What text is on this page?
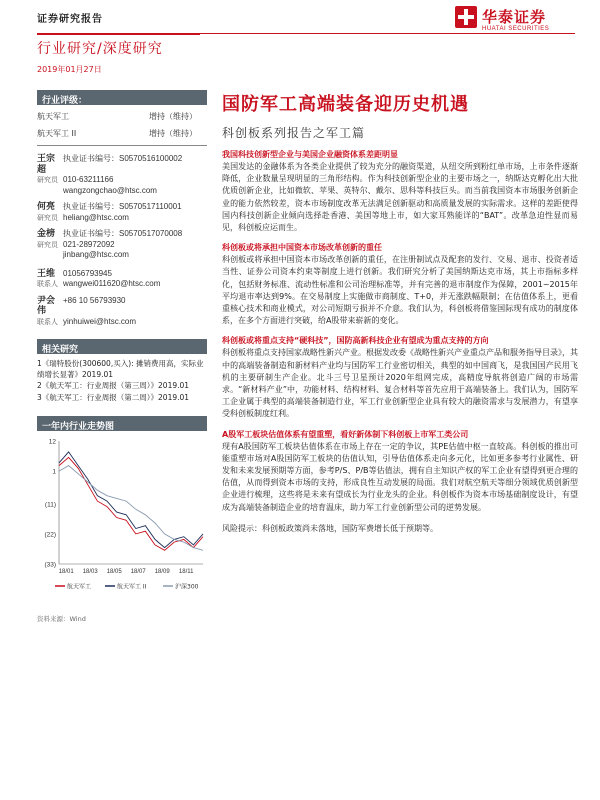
证券研究报告	华泰证券
HUATAI SECURITIES
行业研究/深度研究
2019年01月27日
行业评级：
航天军工	增持（维持）
航天军工 II	增持（维持）
王宗超
执业证书编号：S0570516100002
研究员 010-63211166
wangzongchao@htsc.com
何亮 执业证书编号：S0570517110001
研究员 heliang@htsc.com
金榜 执业证书编号：S0570517070008
研究员 021-28972092
jinbang@htsc.com
王维 01056793945
联系人 wangwei011620@htsc.com
尹会伟
+86 10 56793930
联系人 yinhuiwei@htsc.com
相关研究
1《瑞特股份(300600,买入): 摊销费用高，实际业绩增长显著》2019.01
2《航天军工：行业周报（第三周）》2019.01
3《航天军工：行业周报（第二周）》2019.01
一年内行业走势图
12
1
(11)
(22)
(33)
18/01 18/03 18/05 18/07 18/09 18/11
航天军工	航天军工 II	沪深300
资料来源：Wind
国防军工高端装备迎历史机遇
科创板系列报告之军工篇
我国科技创新型企业与美国企业融资体系差距明显
美国发达的金融体系为各类企业提供了较为充分的融资渠道，从纽交所到粉红单市场，上市条件逐渐降低，企业数量呈现明显的三角形结构。作为科技创新型企业的主要市场之一，纳斯达克孵化出大批优质创新企业，比如微软、苹果、英特尔、戴尔、思科等科技巨头。而当前我国资本市场服务创新企业的能力依然较差，资本市场制度改革无法满足创新驱动和高质量发展的实际需求。这样的差距使得国内科技创新企业倾向选择赴香港、美国等地上市，如大家耳熟能详的“BAT”。改革急迫性显而易见，科创板应运而生。
科创板或将承担中国资本市场改革创新的重任
科创板或将承担中国资本市场改革创新的重任，在注册制试点及配套的发行、交易、退市、投资者适当性、证券公司资本约束等制度上进行创新。我们研究分析了美国纳斯达克市场，其上市指标多样化，包括财务标准、流动性标准和公司治理标准等，并有完善的退市制度作为保障，2001~2015年平均退市率达到9%。在交易制度上实施做市商制度、T+0，并无涨跌幅限制；在估值体系上，更看重核心技术和商业模式，对公司短期亏损并不介意。我们认为，科创板将借鉴国际现有成功的制度体系，在多个方面进行突破，给A股带来崭新的变化。
科创板或将重点支持“硬科技”，国防高新科技企业有望成为重点支持的方向
科创板将重点支持国家战略性新兴产业。根据发改委《战略性新兴产业重点产品和服务指导目录》，其中的高端装备制造和新材料产业均与国防军工行业密切相关，典型的如中国商飞，是我国国产民用飞机的主要研制生产企业。北斗三号卫星预计2020年组网完成，高精度导航将创造广阔的市场需求。“新材料产业”中，功能材料、结构材料、复合材料等首先应用于高端装备上。我们认为，国防军工企业属于典型的高端装备制造行业，军工行业创新型企业具有较大的融资需求与发展潜力，有望享受科创板制度红利。
A股军工板块估值体系有望重塑，看好新体制下科创板上市军工类公司
现有A股国防军工板块估值体系在市场上存在一定的争议，其PE估值中枢一直较高。科创板的推出可能重塑市场对A股国防军工板块的估值认知，引导估值体系走向多元化，比如更多参考行业属性、研发和未来发展预期等方面，参考P/S、P/B等估值法，拥有自主知识产权的军工企业有望得到更合理的估值，从而得到资本市场的支持，形成良性互动发展的局面。我们对航空航天等细分领域优质创新型企业进行梳理，这些将是未来有望成长为行业龙头的企业。科创板作为资本市场基础制度设计，有望成为高端装备制造企业的培育温床，助力军工行业创新型公司的逆势发展。
风险提示：科创板政策尚未落地，国防军费增长低于预期等。
